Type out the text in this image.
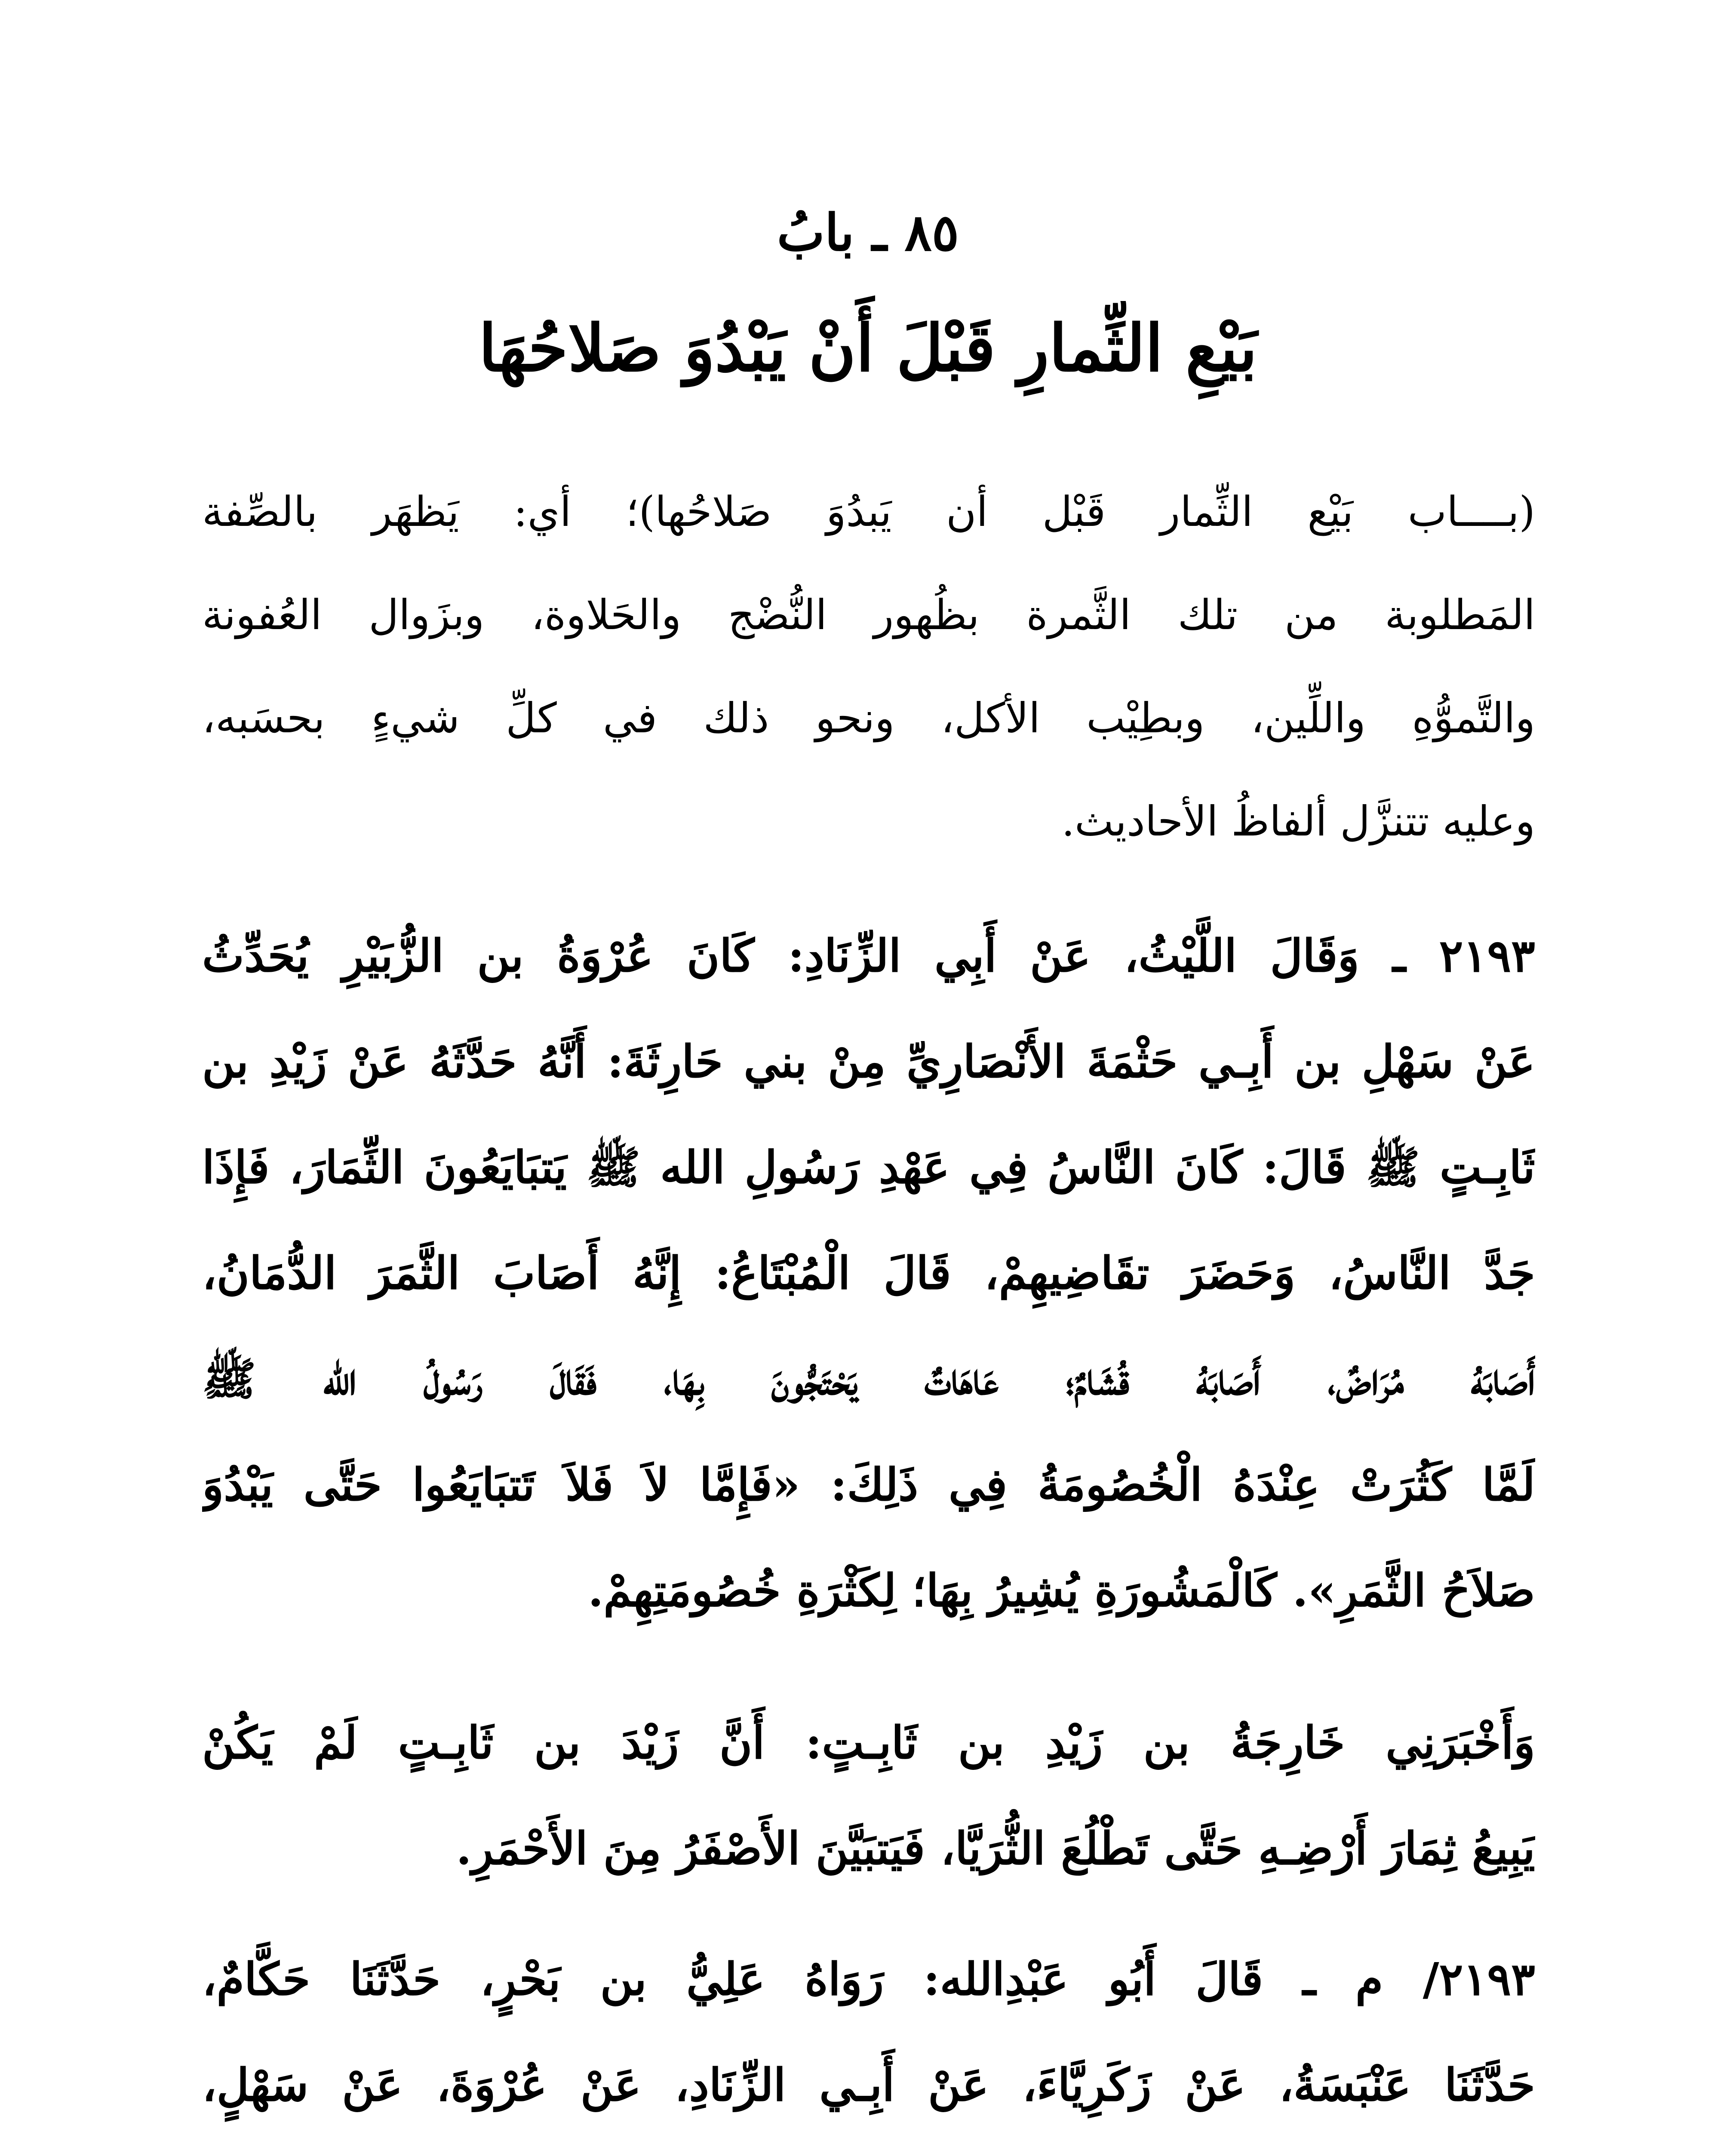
٨٥ ـ بابُ
بَيْعِ الثِّمارِ قَبْلَ أَنْ يَبْدُوَ صَلاحُهَا
(بــــاب بَيْع الثِّمار قَبْل أن يَبدُوَ صَلاحُها)؛ أي: يَظهَر بالصِّفة
المَطلوبة من تلك الثَّمرة بظُهور النُّضْج والحَلاوة، وبزَوال العُفونة
والتَّموُّهِ واللِّين، وبطِيْب الأكل، ونحو ذلك في كلِّ شيءٍ بحسَبه،
وعليه تتنزَّل ألفاظُ الأحاديث.
٢١٩٣ ـ وَقَالَ اللَّيْثُ، عَنْ أَبِي الزِّنَادِ: كَانَ عُرْوَةُ بن الزُّبَيْرِ يُحَدِّثُ
عَنْ سَهْلِ بن أَبِـي حَثْمَةَ الأَنْصَارِيِّ مِنْ بني حَارِثَةَ: أَنَّهُ حَدَّثَهُ عَنْ زَيْدِ بن
ثَابِـتٍ ﷺ قَالَ: كَانَ النَّاسُ فِي عَهْدِ رَسُولِ الله ﷺ يَتبَايَعُونَ الثِّمَارَ، فَإِذَا
جَدَّ النَّاسُ، وَحَضَرَ تقَاضِيهِمْ، قَالَ الْمُبْتَاعُ: إِنَّهُ أَصَابَ الثَّمَرَ الدُّمَانُ،
أَصَابَهُ مُرَاضٌ، أَصَابَهُ قُشَامٌ؛ عَاهَاتٌ يَحْتَجُّونَ بِهَا، فَقَالَ رَسُولُ الله ﷺ
لَمَّا كَثُرَتْ عِنْدَهُ الْخُصُومَةُ فِي ذَلِكَ: «فَإِمَّا لاَ فَلاَ تَتبَايَعُوا حَتَّى يَبْدُوَ
صَلاَحُ الثَّمَرِ». كَالْمَشُورَةِ يُشِيرُ بِهَا؛ لِكَثْرَةِ خُصُومَتِهِمْ.
وَأَخْبَرَنِي خَارِجَةُ بن زَيْدِ بن ثَابِـتٍ: أَنَّ زَيْدَ بن ثَابِـتٍ لَمْ يَكُنْ
يَبِيعُ ثِمَارَ أَرْضِـهِ حَتَّى تَطْلُعَ الثُّرَيَّا، فَيَتبَيَّنَ الأَصْفَرُ مِنَ الأَحْمَرِ.
٢١٩٣/ م ـ قَالَ أَبُو عَبْدِالله: رَوَاهُ عَلِيُّ بن بَحْرٍ، حَدَّثَنَا حَكَّامٌ،
حَدَّثَنَا عَنْبَسَةُ، عَنْ زَكَرِيَّاءَ، عَنْ أَبِـي الزِّنَادِ، عَنْ عُرْوَةَ، عَنْ سَهْلٍ،
